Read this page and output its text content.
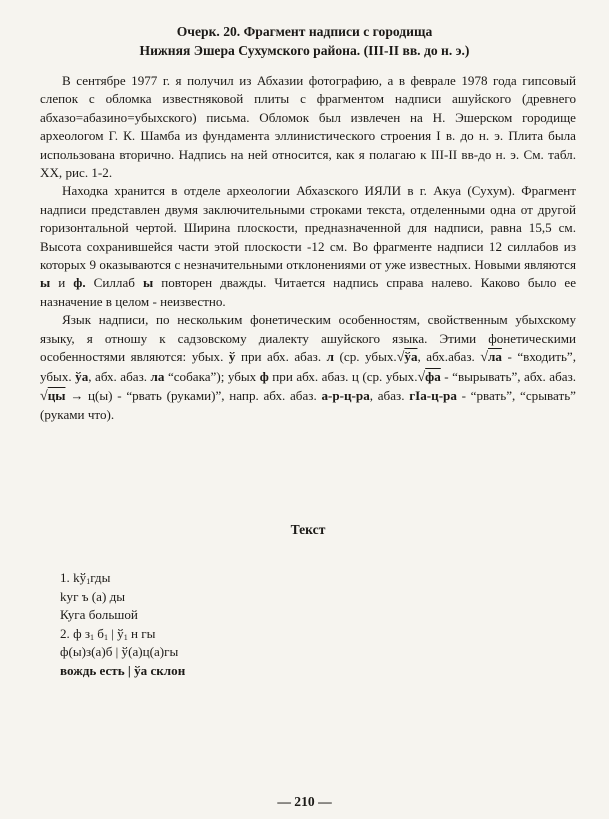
Очерк. 20. Фрагмент надписи с городища
Нижняя Эшера Сухумского района. (III-II вв. до н. э.)

В сентябре 1977 г. я получил из Абхазии фотографию, а в феврале 1978 года гипсовый слепок с обломка известняковой плиты с фрагментом надписи ашуйского (древнего абхазо=абазино=убыхского) письма. Обломок был извлечен на Н. Эшерском городище археологом Г. К. Шамба из фундамента эллинистического строения I в. до н. э. Плита была использована вторично. Надпись на ней относится, как я полагаю к III-II вв-до н. э. См. табл. XX, рис. 1-2.

Находка хранится в отделе археологии Абхазского ИЯЛИ в г. Акуа (Сухум). Фрагмент надписи представлен двумя заключительными строками текста, отделенными одна от другой горизонтальной чертой. Ширина плоскости, предназначенной для надписи, равна 15,5 см. Высота сохранившейся части этой плоскости -12 см. Во фрагменте надписи 12 силлабов из которых 9 оказываются с незначительными отклонениями от уже известных. Новыми являются ы и ф. Силлаб ы повторен дважды. Читается надпись справа налево. Каково было ее назначение в целом - неизвестно.

Язык надписи, по нескольким фонетическим особенностям, свойственным убыхскому языку, я отношу к садзовскому диалекту ашуйского языка. Этими фонетическими особенностями являются: убых. ў при абх. абаз. л (ср. убых.√ўа, абх.абаз. √ла - “входить”, убых. ўа, абх. абаз. ла “собака”); убых ф при абх. абаз. ц (ср. убых.√фа - “вырывать”, абх. абаз. √цы → ц(ы) - “рвать (руками)”, напр. абх. абаз. а-р-ц-ра, абаз. гІа-ц-ра - “рвать”, “срывать” (руками что).

Текст
1. $kў_1гды$
kуг ъ (а) ды
Куга большой
2. ф $з_1$ $б_1$ | $ў_1$ н гы
ф(ы)з(а)б | ў(а)ц(а)гы
вождь есть | ўа склон
— 210 —
